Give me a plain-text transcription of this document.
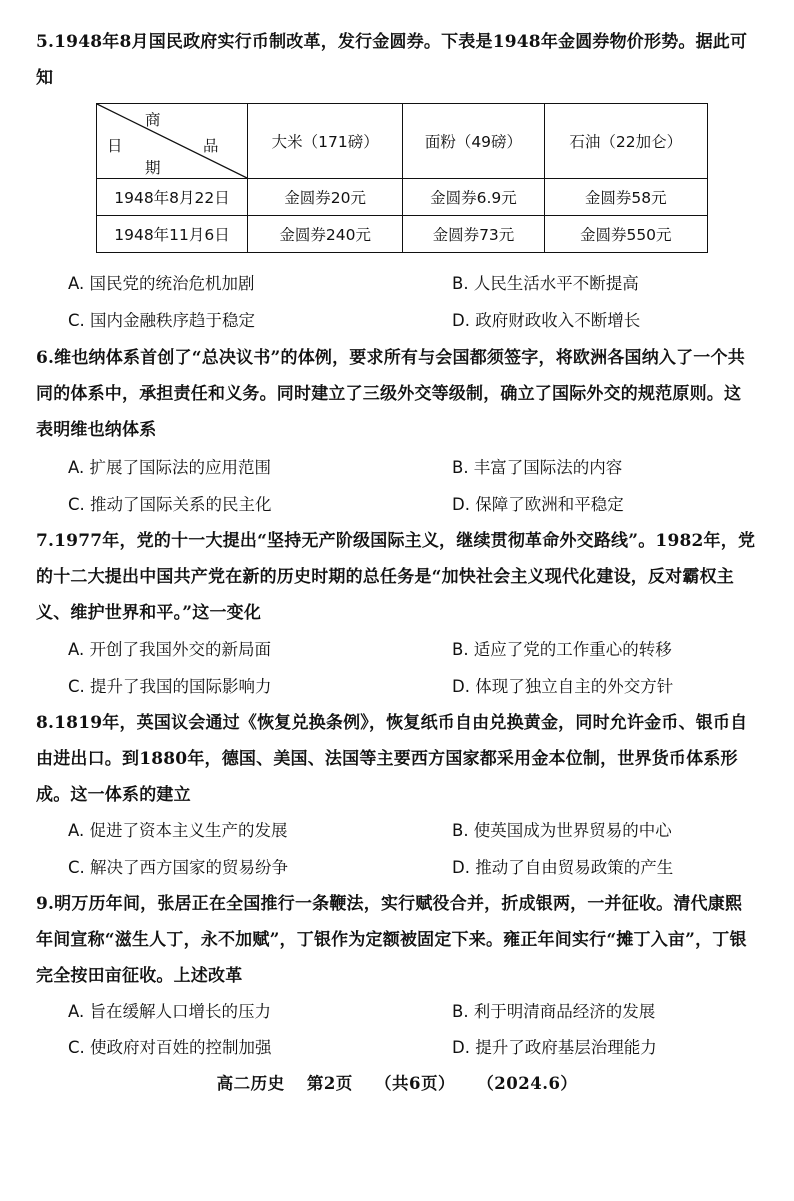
5.1948年8月国民政府实行币制改革，发行金圆券。下表是1948年金圆券物价形势。据此可知
商
品
日
期	大米（171磅）	面粉（49磅）	石油（22加仑）
1948年8月22日	金圆券20元	金圆券6.9元	金圆券58元
1948年11月6日	金圆券240元	金圆券73元	金圆券550元
A. 国民党的统治危机加剧	B. 人民生活水平不断提高
C. 国内金融秩序趋于稳定	D. 政府财政收入不断增长
6.维也纳体系首创了“总决议书”的体例，要求所有与会国都须签字，将欧洲各国纳入了一个共同的体系中，承担责任和义务。同时建立了三级外交等级制，确立了国际外交的规范原则。这表明维也纳体系
A. 扩展了国际法的应用范围	B. 丰富了国际法的内容
C. 推动了国际关系的民主化	D. 保障了欧洲和平稳定
7.1977年，党的十一大提出“坚持无产阶级国际主义，继续贯彻革命外交路线”。1982年，党的十二大提出中国共产党在新的历史时期的总任务是“加快社会主义现代化建设，反对霸权主义、维护世界和平。”这一变化
A. 开创了我国外交的新局面	B. 适应了党的工作重心的转移
C. 提升了我国的国际影响力	D. 体现了独立自主的外交方针
8.1819年，英国议会通过《恢复兑换条例》，恢复纸币自由兑换黄金，同时允许金币、银币自由进出口。到1880年，德国、美国、法国等主要西方国家都采用金本位制，世界货币体系形成。这一体系的建立
A. 促进了资本主义生产的发展	B. 使英国成为世界贸易的中心
C. 解决了西方国家的贸易纷争	D. 推动了自由贸易政策的产生
9.明万历年间，张居正在全国推行一条鞭法，实行赋役合并，折成银两，一并征收。清代康熙年间宣称“滋生人丁，永不加赋”，丁银作为定额被固定下来。雍正年间实行“摊丁入亩”，丁银完全按田亩征收。上述改革
A. 旨在缓解人口增长的压力	B. 利于明清商品经济的发展
C. 使政府对百姓的控制加强	D. 提升了政府基层治理能力
高二历史 第2页 （共6页） （2024.6）
